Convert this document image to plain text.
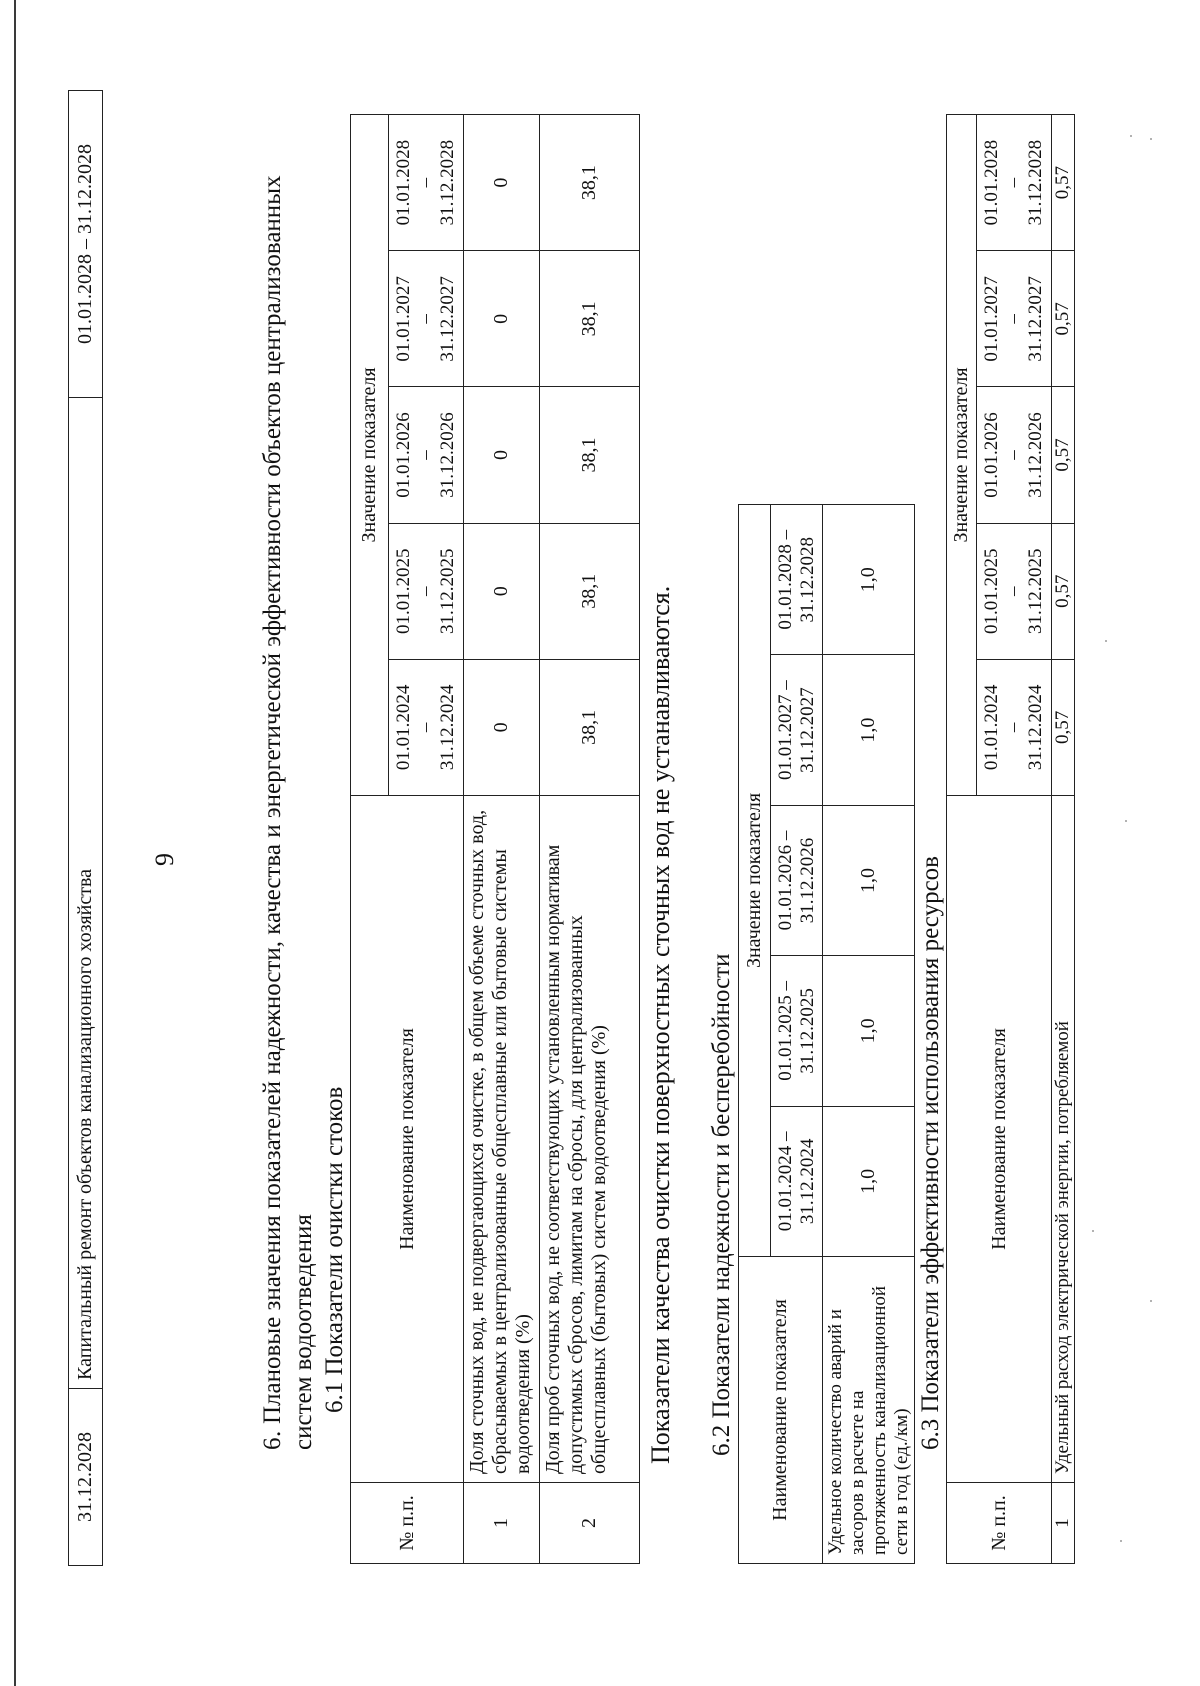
9
31.12.2028	Капитальный ремонт объектов канализационного хозяйства	01.01.2028 – 31.12.2028
6. Плановые значения показателей надежности, качества и энергетической эффективности объектов централизованных систем водоотведения 6.1 Показатели очистки стоков
№ п.п.	Наименование показателя	Значение показателя				
		01.01.2024
–
31.12.2024	01.01.2025
–
31.12.2025	01.01.2026
–
31.12.2026	01.01.2027
–
31.12.2027	01.01.2028
–
31.12.2028
1	Доля сточных вод, не подвергающихся очистке, в общем объеме сточных вод, сбрасываемых в централизованные общесплавные или бытовые системы водоотведения (%)	0	0	0	0	0
2	Доля проб сточных вод, не соответствующих установленным нормативам допустимых сбросов, лимитам на сбросы, для централизованных общесплавных (бытовых) систем водоотведения (%)	38,1	38,1	38,1	38,1	38,1
Показатели качества очистки поверхностных сточных вод не устанавливаются. 6.2 Показатели надежности и бесперебойности Наименование показателя	Значение показателя				
	01.01.2024 – 31.12.2024	01.01.2025 – 31.12.2025	01.01.2026 – 31.12.2026	01.01.2027 – 31.12.2027	01.01.2028 – 31.12.2028
Удельное количество аварий и засоров в расчете на протяженность канализационной сети в год (ед./км)	1,0	1,0	1,0	1,0	1,0
6.3 Показатели эффективности использования ресурсов
№ п.п.	Наименование показателя	Значение показателя				
		01.01.2024
–
31.12.2024	01.01.2025
–
31.12.2025	01.01.2026
–
31.12.2026	01.01.2027
–
31.12.2027	01.01.2028
–
31.12.2028
1	Удельный расход электрической энергии, потребляемой	0,57	0,57	0,57	0,57	0,57
